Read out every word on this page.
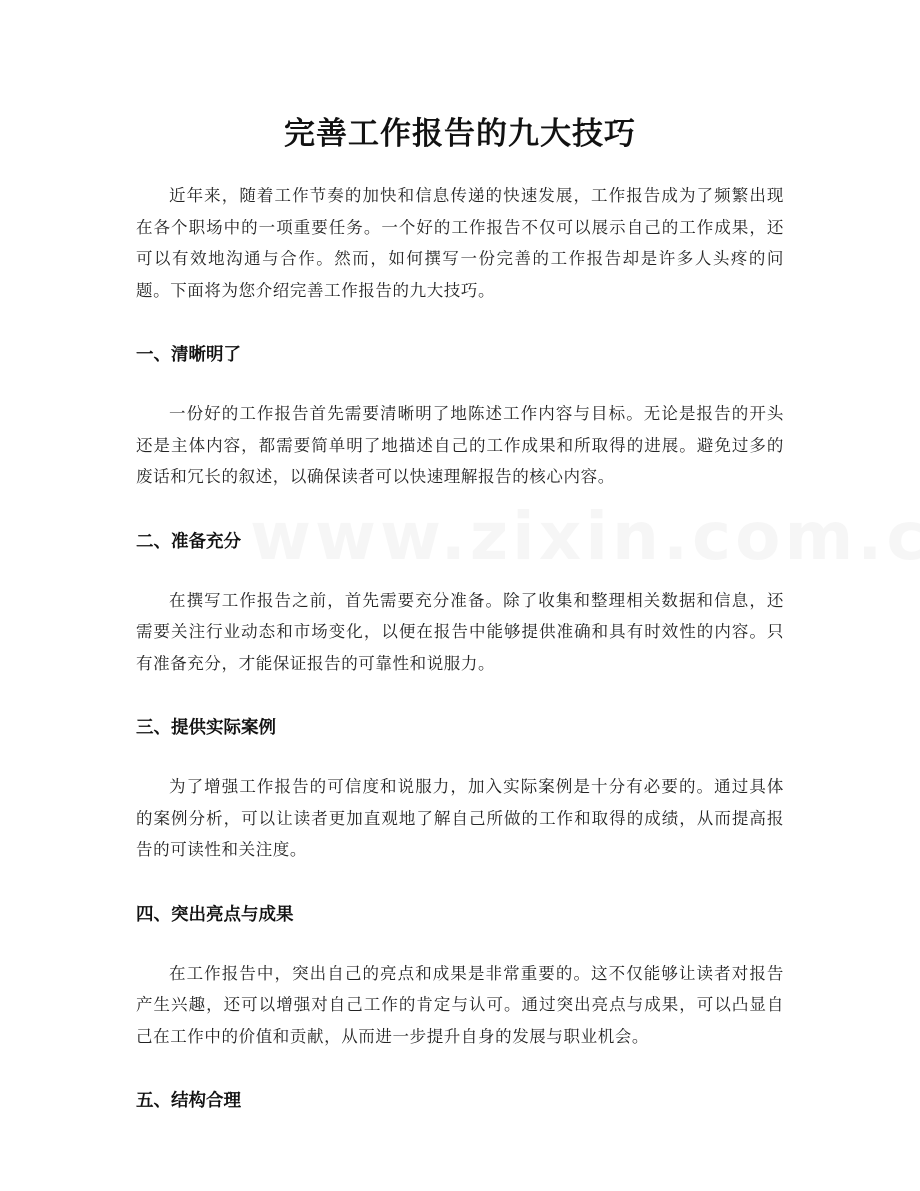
完善工作报告的九大技巧

近年来，随着工作节奏的加快和信息传递的快速发展，工作报告成为了频繁出现在各个职场中的一项重要任务。一个好的工作报告不仅可以展示自己的工作成果，还可以有效地沟通与合作。然而，如何撰写一份完善的工作报告却是许多人头疼的问题。下面将为您介绍完善工作报告的九大技巧。

一、清晰明了

一份好的工作报告首先需要清晰明了地陈述工作内容与目标。无论是报告的开头还是主体内容，都需要简单明了地描述自己的工作成果和所取得的进展。避免过多的废话和冗长的叙述，以确保读者可以快速理解报告的核心内容。

二、准备充分

在撰写工作报告之前，首先需要充分准备。除了收集和整理相关数据和信息，还需要关注行业动态和市场变化，以便在报告中能够提供准确和具有时效性的内容。只有准备充分，才能保证报告的可靠性和说服力。

三、提供实际案例

为了增强工作报告的可信度和说服力，加入实际案例是十分有必要的。通过具体的案例分析，可以让读者更加直观地了解自己所做的工作和取得的成绩，从而提高报告的可读性和关注度。

四、突出亮点与成果

在工作报告中，突出自己的亮点和成果是非常重要的。这不仅能够让读者对报告产生兴趣，还可以增强对自己工作的肯定与认可。通过突出亮点与成果，可以凸显自己在工作中的价值和贡献，从而进一步提升自身的发展与职业机会。

五、结构合理
